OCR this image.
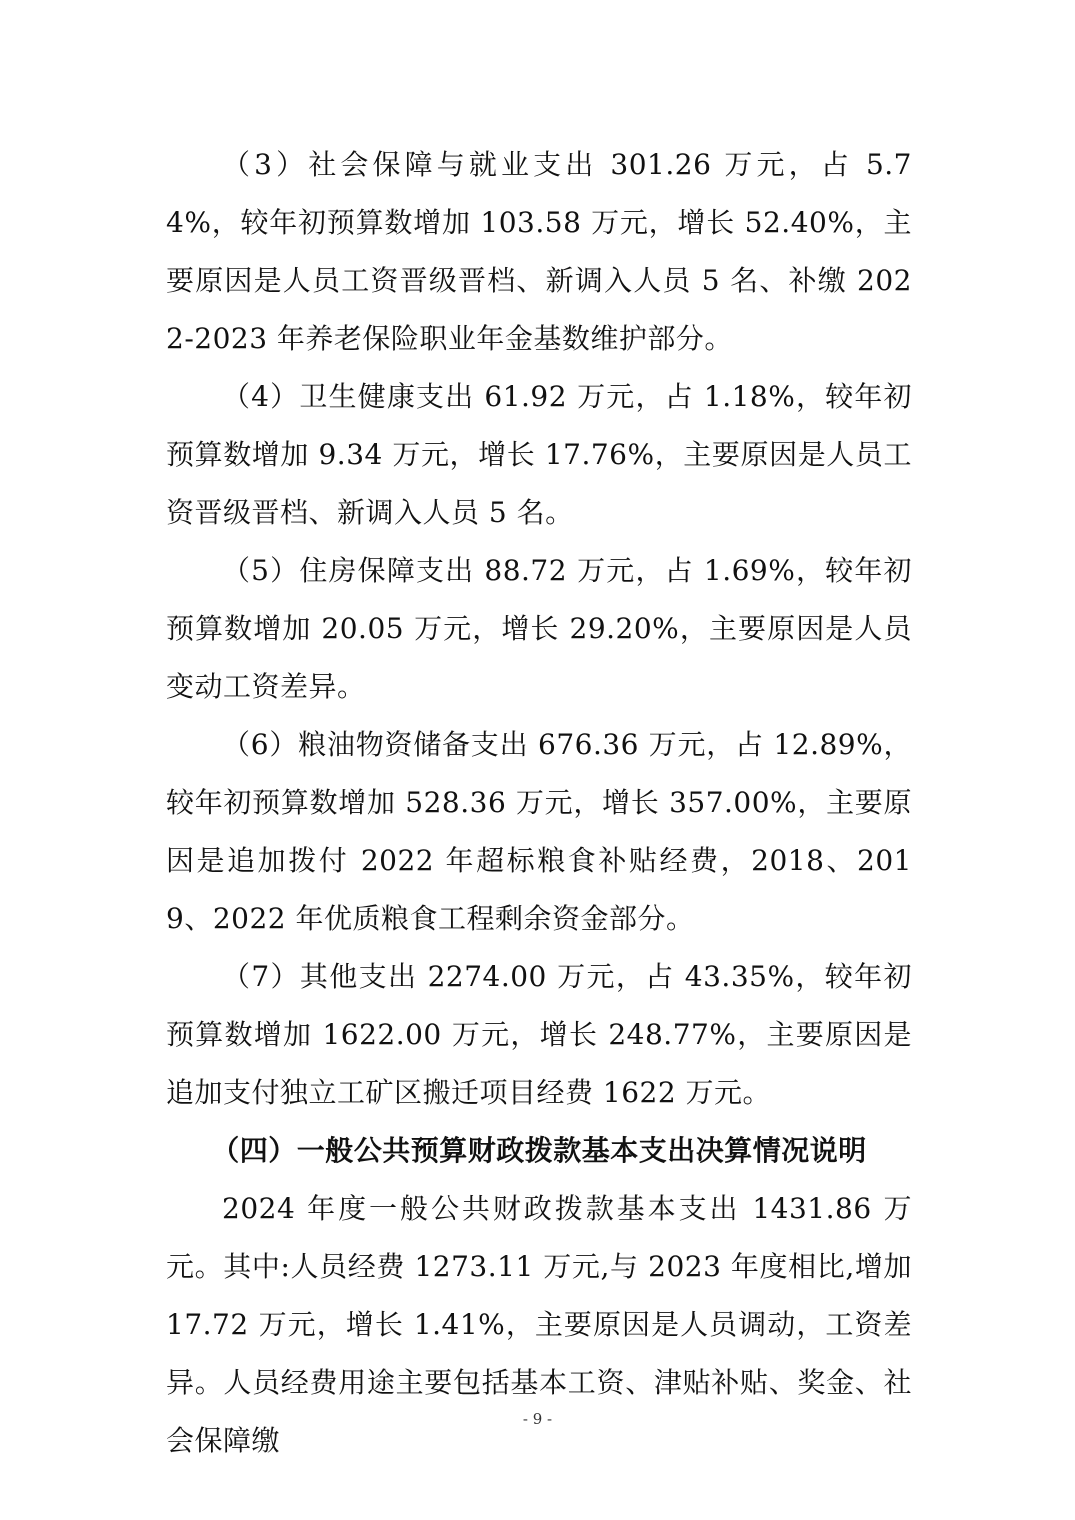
（3）社会保障与就业支出 301.26 万元，占 5.74%，较年初预算数增加 103.58 万元，增长 52.40%，主要原因是人员工资晋级晋档、新调入人员 5 名、补缴 2022-2023 年养老保险职业年金基数维护部分。

（4）卫生健康支出 61.92 万元，占 1.18%，较年初预算数增加 9.34 万元，增长 17.76%，主要原因是人员工资晋级晋档、新调入人员 5 名。

（5）住房保障支出 88.72 万元，占 1.69%，较年初预算数增加 20.05 万元，增长 29.20%，主要原因是人员变动工资差异。

（6）粮油物资储备支出 676.36 万元，占 12.89%，较年初预算数增加 528.36 万元，增长 357.00%，主要原因是追加拨付 2022 年超标粮食补贴经费，2018、2019、2022 年优质粮食工程剩余资金部分。

（7）其他支出 2274.00 万元，占 43.35%，较年初预算数增加 1622.00 万元，增长 248.77%，主要原因是追加支付独立工矿区搬迁项目经费 1622 万元。

（四）一般公共预算财政拨款基本支出决算情况说明

2024 年度一般公共财政拨款基本支出 1431.86 万元。其中:人员经费 1273.11 万元,与 2023 年度相比,增加 17.72 万元，增长 1.41%，主要原因是人员调动，工资差异。人员经费用途主要包括基本工资、津贴补贴、奖金、社会保障缴

- 9 -
